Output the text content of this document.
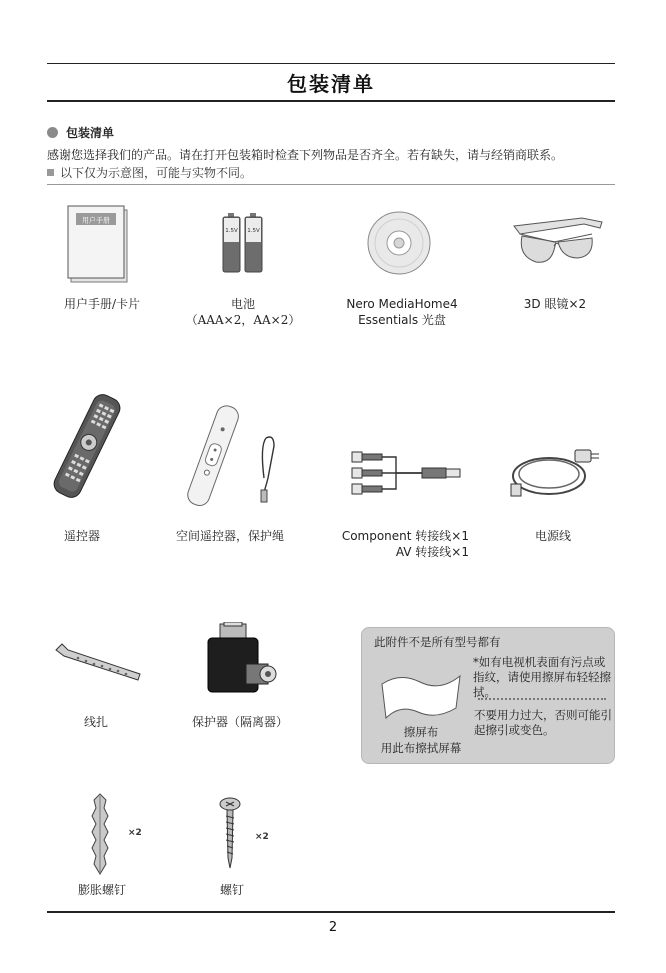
包装清单
包装清单
感谢您选择我们的产品。请在打开包装箱时检查下列物品是否齐全。若有缺失，请与经销商联系。
以下仅为示意图，可能与实物不同。
用户手册
用户手册/卡片
1.5V 1.5V
电池
（AAA×2，AA×2）
Nero MediaHome4
Essentials 光盘
3D 眼镜×2
遥控器	空间遥控器，保护绳	Component 转接线×1
AV 转接线×1
电源线
线扎	保护器（隔离器）
此附件不是所有型号都有
*如有电视机表面有污点或指纹，请使用擦屏布轻轻擦拭。
不要用力过大，否则可能引起擦引或变色。
擦屏布
用此布擦拭屏幕
×2
膨胀螺钉
×2
螺钉
2
